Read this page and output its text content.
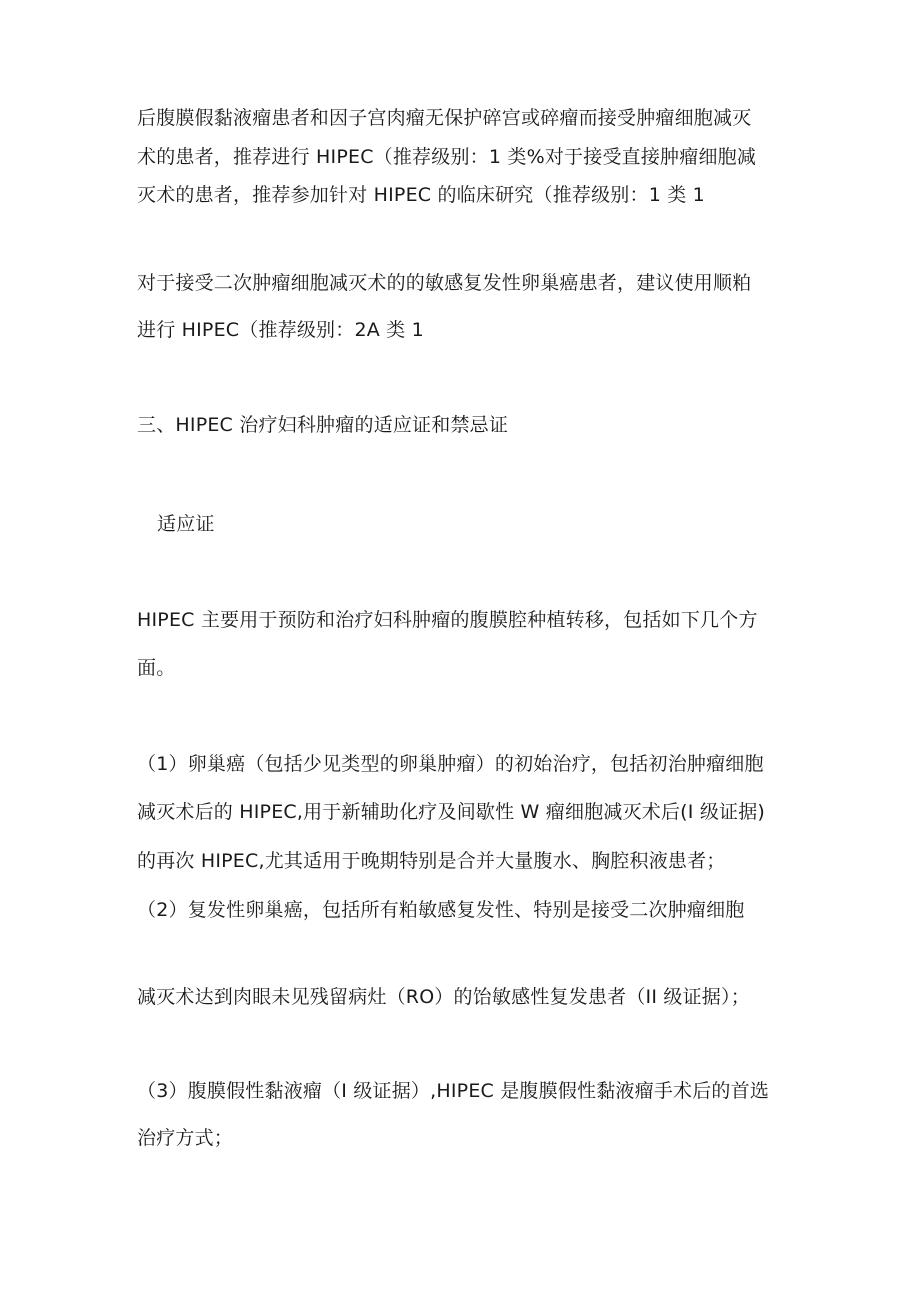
后腹膜假黏液瘤患者和因子宫肉瘤无保护碎宫或碎瘤而接受肿瘤细胞减灭
术的患者，推荐进行 HIPEC（推荐级别：1 类%对于接受直接肿瘤细胞减
灭术的患者，推荐参加针对 HIPEC 的临床研究（推荐级别：1 类 1
对于接受二次肿瘤细胞减灭术的的敏感复发性卵巢癌患者，建议使用顺粕
进行 HIPEC（推荐级别：2A 类 1
三、HIPEC 治疗妇科肿瘤的适应证和禁忌证
适应证
HIPEC 主要用于预防和治疗妇科肿瘤的腹膜腔种植转移，包括如下几个方
面。
（1）卵巢癌（包括少见类型的卵巢肿瘤）的初始治疗，包括初治肿瘤细胞
减灭术后的 HIPEC,用于新辅助化疗及间歇性 W 瘤细胞减灭术后(I 级证据)
的再次 HIPEC,尤其适用于晚期特别是合并大量腹水、胸腔积液患者；
（2）复发性卵巢癌，包括所有粕敏感复发性、特别是接受二次肿瘤细胞
减灭术达到肉眼未见残留病灶（RO）的饴敏感性复发患者（II 级证据）；
（3）腹膜假性黏液瘤（I 级证据）,HIPEC 是腹膜假性黏液瘤手术后的首选
治疗方式；
